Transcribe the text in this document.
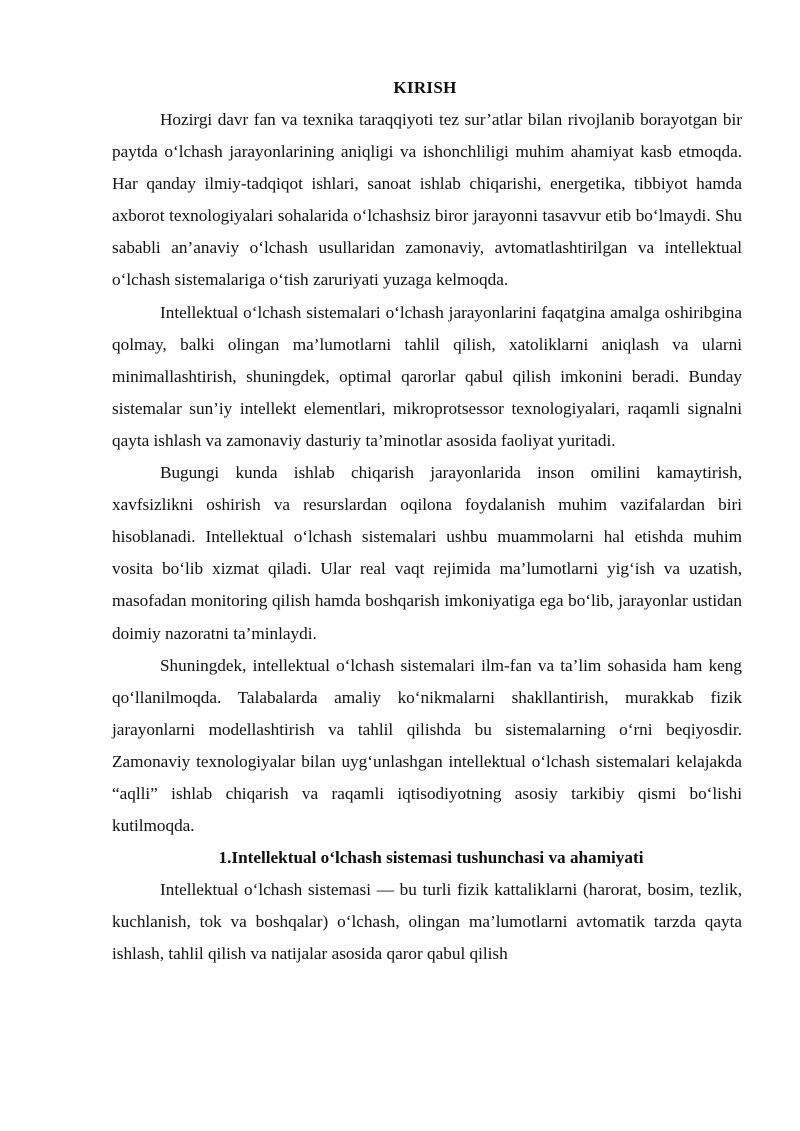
KIRISH

Hozirgi davr fan va texnika taraqqiyoti tez sur’atlar bilan rivojlanib borayotgan bir paytda o‘lchash jarayonlarining aniqligi va ishonchliligi muhim ahamiyat kasb etmoqda. Har qanday ilmiy-tadqiqot ishlari, sanoat ishlab chiqarishi, energetika, tibbiyot hamda axborot texnologiyalari sohalarida o‘lchashsiz biror jarayonni tasavvur etib bo‘lmaydi. Shu sababli an’anaviy o‘lchash usullaridan zamonaviy, avtomatlashtirilgan va intellektual o‘lchash sistemalariga o‘tish zaruriyati yuzaga kelmoqda.

Intellektual o‘lchash sistemalari o‘lchash jarayonlarini faqatgina amalga oshiribgina qolmay, balki olingan ma’lumotlarni tahlil qilish, xatoliklarni aniqlash va ularni minimallashtirish, shuningdek, optimal qarorlar qabul qilish imkonini beradi. Bunday sistemalar sun’iy intellekt elementlari, mikroprotsessor texnologiyalari, raqamli signalni qayta ishlash va zamonaviy dasturiy ta’minotlar asosida faoliyat yuritadi.

Bugungi kunda ishlab chiqarish jarayonlarida inson omilini kamaytirish, xavfsizlikni oshirish va resurslardan oqilona foydalanish muhim vazifalardan biri hisoblanadi. Intellektual o‘lchash sistemalari ushbu muammolarni hal etishda muhim vosita bo‘lib xizmat qiladi. Ular real vaqt rejimida ma’lumotlarni yig‘ish va uzatish, masofadan monitoring qilish hamda boshqarish imkoniyatiga ega bo‘lib, jarayonlar ustidan doimiy nazoratni ta’minlaydi.

Shuningdek, intellektual o‘lchash sistemalari ilm-fan va ta’lim sohasida ham keng qo‘llanilmoqda. Talabalarda amaliy ko‘nikmalarni shakllantirish, murakkab fizik jarayonlarni modellashtirish va tahlil qilishda bu sistemalarning o‘rni beqiyosdir. Zamonaviy texnologiyalar bilan uyg‘unlashgan intellektual o‘lchash sistemalari kelajakda “aqlli” ishlab chiqarish va raqamli iqtisodiyotning asosiy tarkibiy qismi bo‘lishi kutilmoqda.

1.Intellektual o‘lchash sistemasi tushunchasi va ahamiyati

Intellektual o‘lchash sistemasi — bu turli fizik kattaliklarni (harorat, bosim, tezlik, kuchlanish, tok va boshqalar) o‘lchash, olingan ma’lumotlarni avtomatik tarzda qayta ishlash, tahlil qilish va natijalar asosida qaror qabul qilish
